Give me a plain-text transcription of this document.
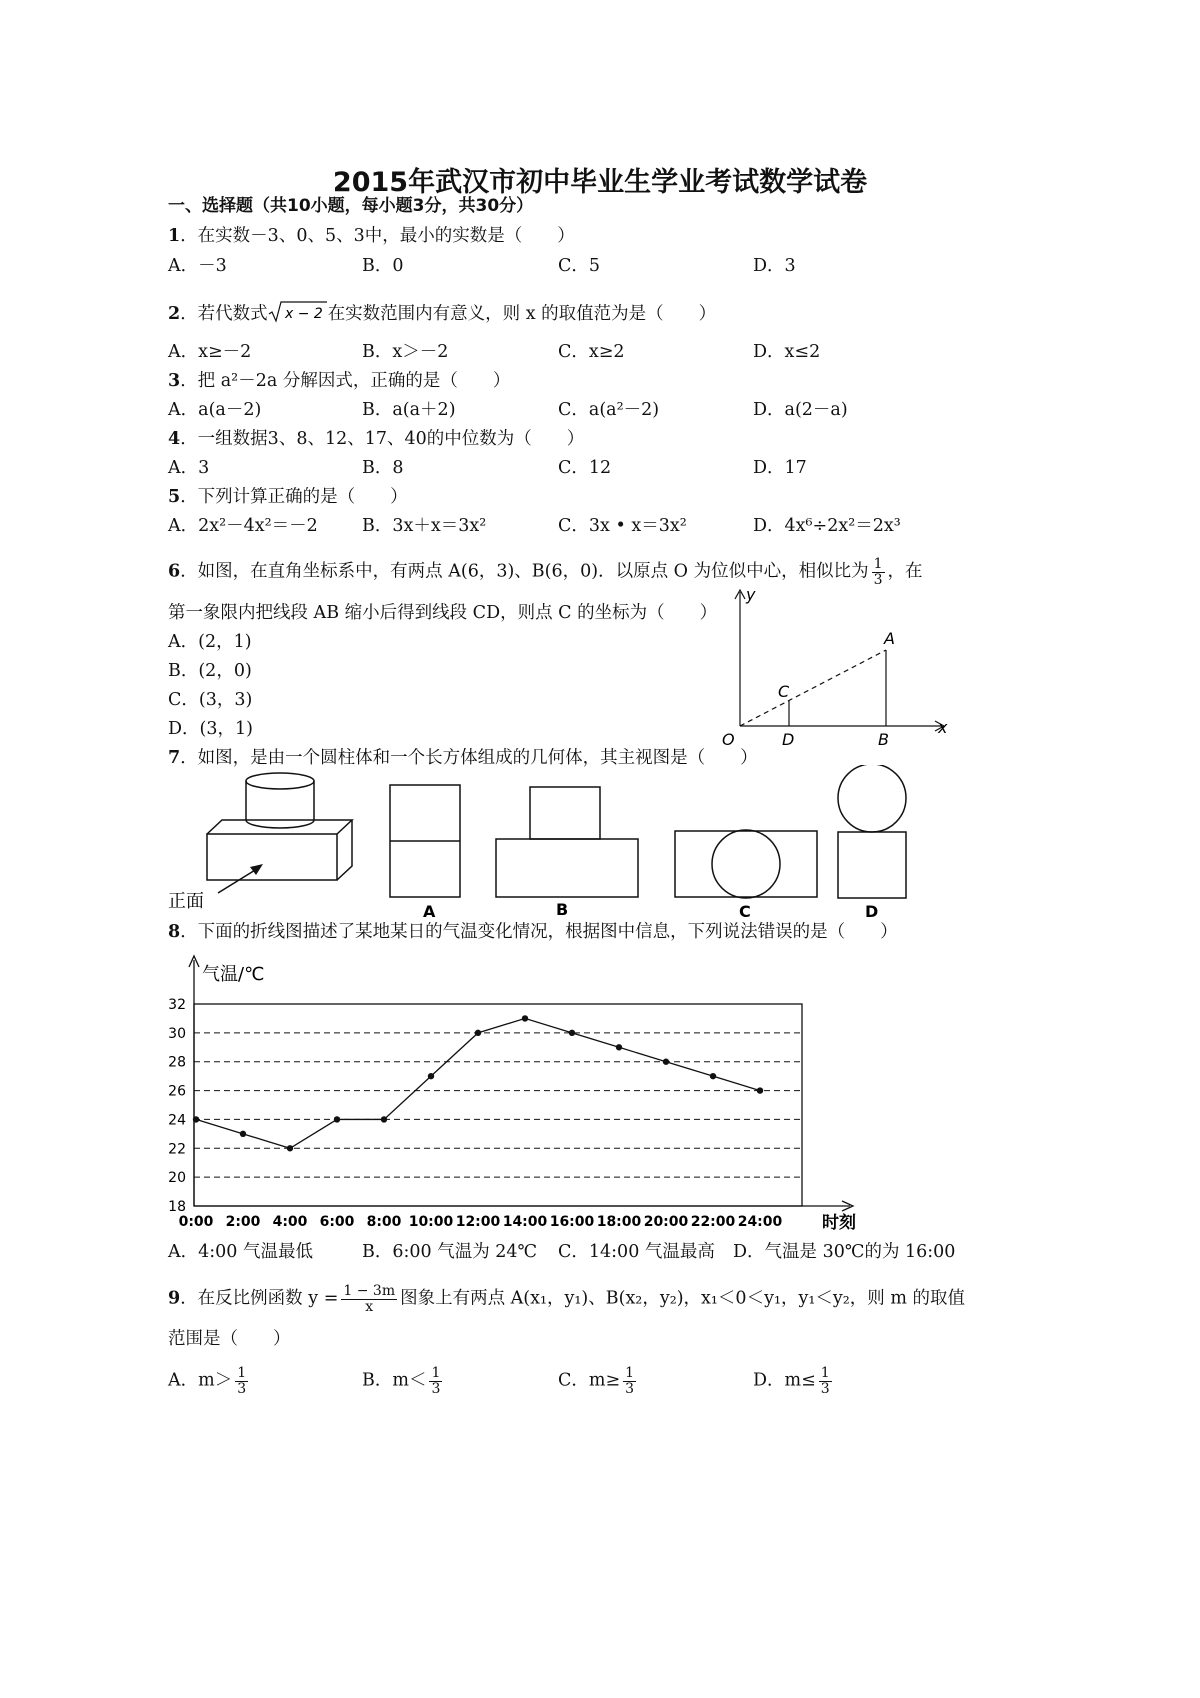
2015年武汉市初中毕业生学业考试数学试卷
一、选择题（共10小题，每小题3分，共30分）
1．在实数－3、0、5、3中，最小的实数是（　　）
A．－3	B．0	C．5	D．3
2．若代数式 x − 2 在实数范围内有意义，则 x 的取值范为是（　　）
A．x≥－2	B．x＞－2	C．x≥2	D．x≤2
3．把 a²－2a 分解因式，正确的是（　　）
A．a(a－2)	B．a(a＋2)	C．a(a²－2)	D．a(2－a)
4．一组数据3、8、12、17、40的中位数为（　　）
A．3	B．8	C．12	D．17
5．下列计算正确的是（　　）
A．2x²－4x²＝－2	B．3x＋x＝3x²	C．3x • x＝3x²	D．4x⁶÷2x²＝2x³
6．如图，在直角坐标系中，有两点 A(6，3)、B(6，0)．以原点 O 为位似中心，相似比为 $\frac{1}{3}$ ，在
第一象限内把线段 AB 缩小后得到线段 CD，则点 C 的坐标为（　　）
A．(2，1)
B．(2，0)
C．(3，3)
D．(3，1)
y
x
A
C
O	D	B
7．如图，是由一个圆柱体和一个长方体组成的几何体，其主视图是（　　）
正面	A	B	C	D
8．下面的折线图描述了某地某日的气温变化情况，根据图中信息，下列说法错误的是（　　）
气温/℃
时刻
18
20
22
24
26
28
30
32
0:00 2:00 4:00 6:00 8:00 10:00 12:00 14:00 16:00 18:00 20:00 22:00 24:00
A．4:00 气温最低	B．6:00 气温为 24℃ C．14:00 气温最高 D．气温是 30℃的为 16:00
9．在反比例函数 $y = \frac{1 - 3m}{x}$ 图象上有两点 A(x₁，y₁)、B(x₂，y₂)，x₁＜0＜y₁，y₁＜y₂，则 m 的取值
范围是（　　）
A．$m> \frac{1}{3}$	B．$m< \frac{1}{3}$	C．$m\ge \frac{1}{3}$	D．$m\le \frac{1}{3}$
